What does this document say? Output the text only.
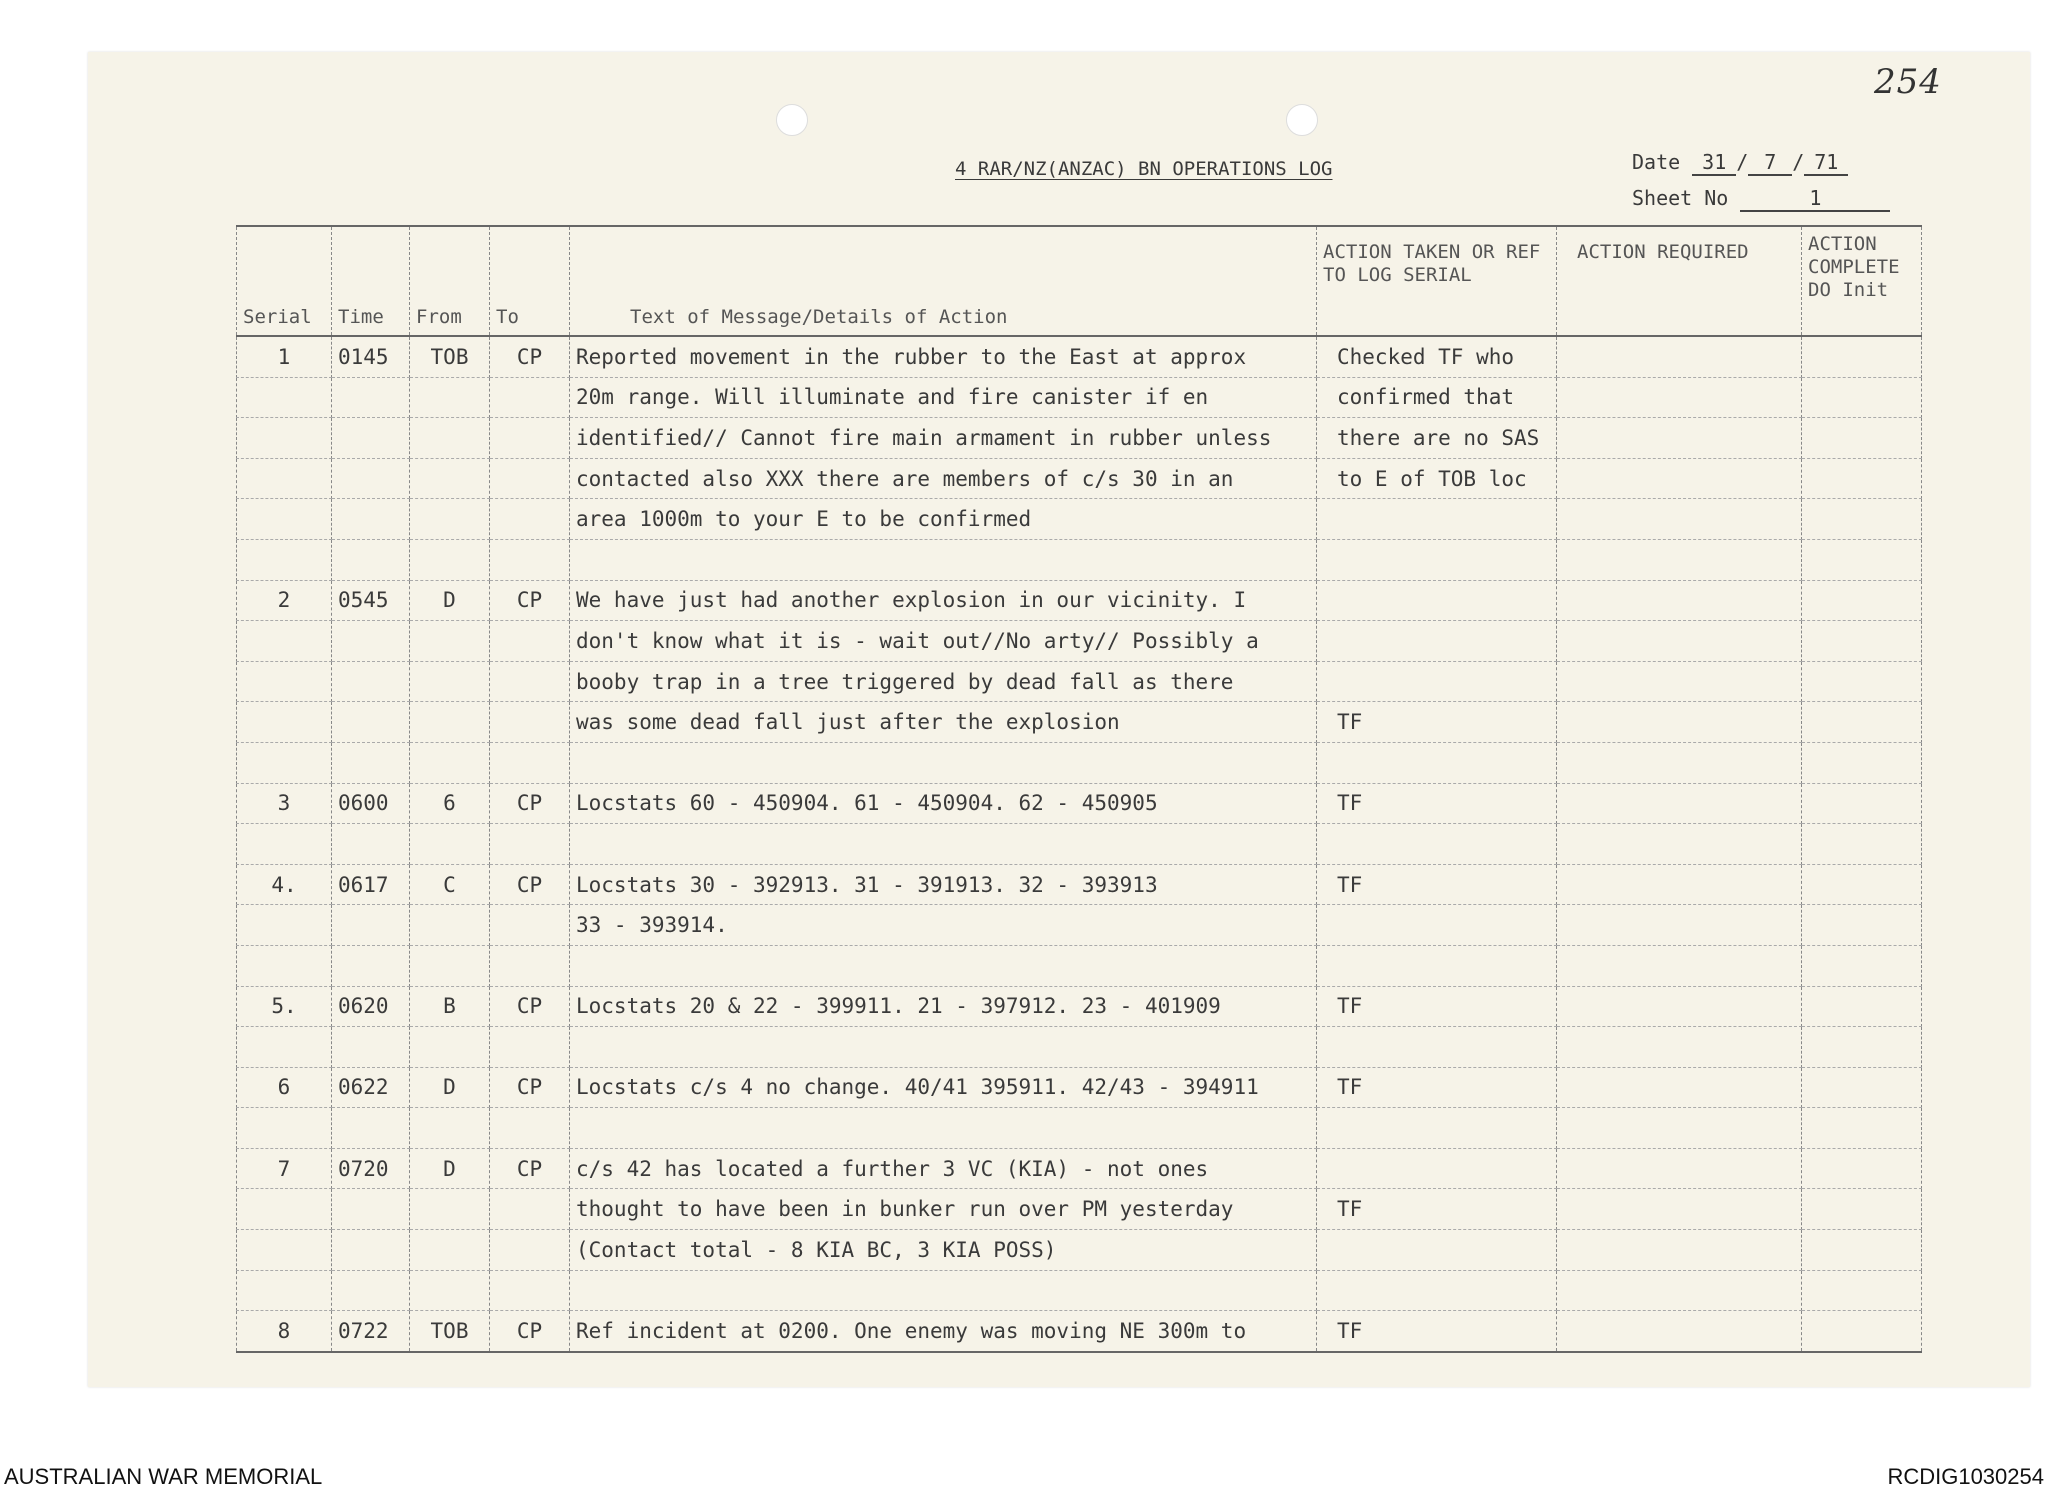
254
4 RAR/NZ(ANZAC) BN OPERATIONS LOG	Date 31 / 7 / 71
Sheet No	1
Serial	Time	From	To	Text of Message/Details of Action	ACTION TAKEN OR REF TO LOG SERIAL	ACTION REQUIRED	ACTION COMPLETE DO Init
1	0145	TOB	CP	Reported movement in the rubber to the East at approx	Checked TF who		
				20m range. Will illuminate and fire canister if en	confirmed that		
				identified// Cannot fire main armament in rubber unless	there are no SAS		
				contacted also XXX there are members of c/s 30 in an	to E of TOB loc		
				area 1000m to your E to be confirmed			

2	0545	D	CP	We have just had another explosion in our vicinity. I			
				don't know what it is - wait out//No arty// Possibly a			
				booby trap in a tree triggered by dead fall as there			
				was some dead fall just after the explosion	TF		

3	0600	6	CP	Locstats 60 - 450904. 61 - 450904. 62 - 450905	TF		

4.	0617	C	CP	Locstats 30 - 392913. 31 - 391913. 32 - 393913	TF		
				33 - 393914.			

5.	0620	B	CP	Locstats 20 & 22 - 399911. 21 - 397912. 23 - 401909	TF		

6	0622	D	CP	Locstats c/s 4 no change. 40/41 395911. 42/43 - 394911	TF		

7	0720	D	CP	c/s 42 has located a further 3 VC (KIA) - not ones			
				thought to have been in bunker run over PM yesterday	TF		
				(Contact total - 8 KIA BC, 3 KIA POSS)			

8	0722	TOB	CP	Ref incident at 0200. One enemy was moving NE 300m to	TF		
AUSTRALIAN WAR MEMORIAL	RCDIG1030254
